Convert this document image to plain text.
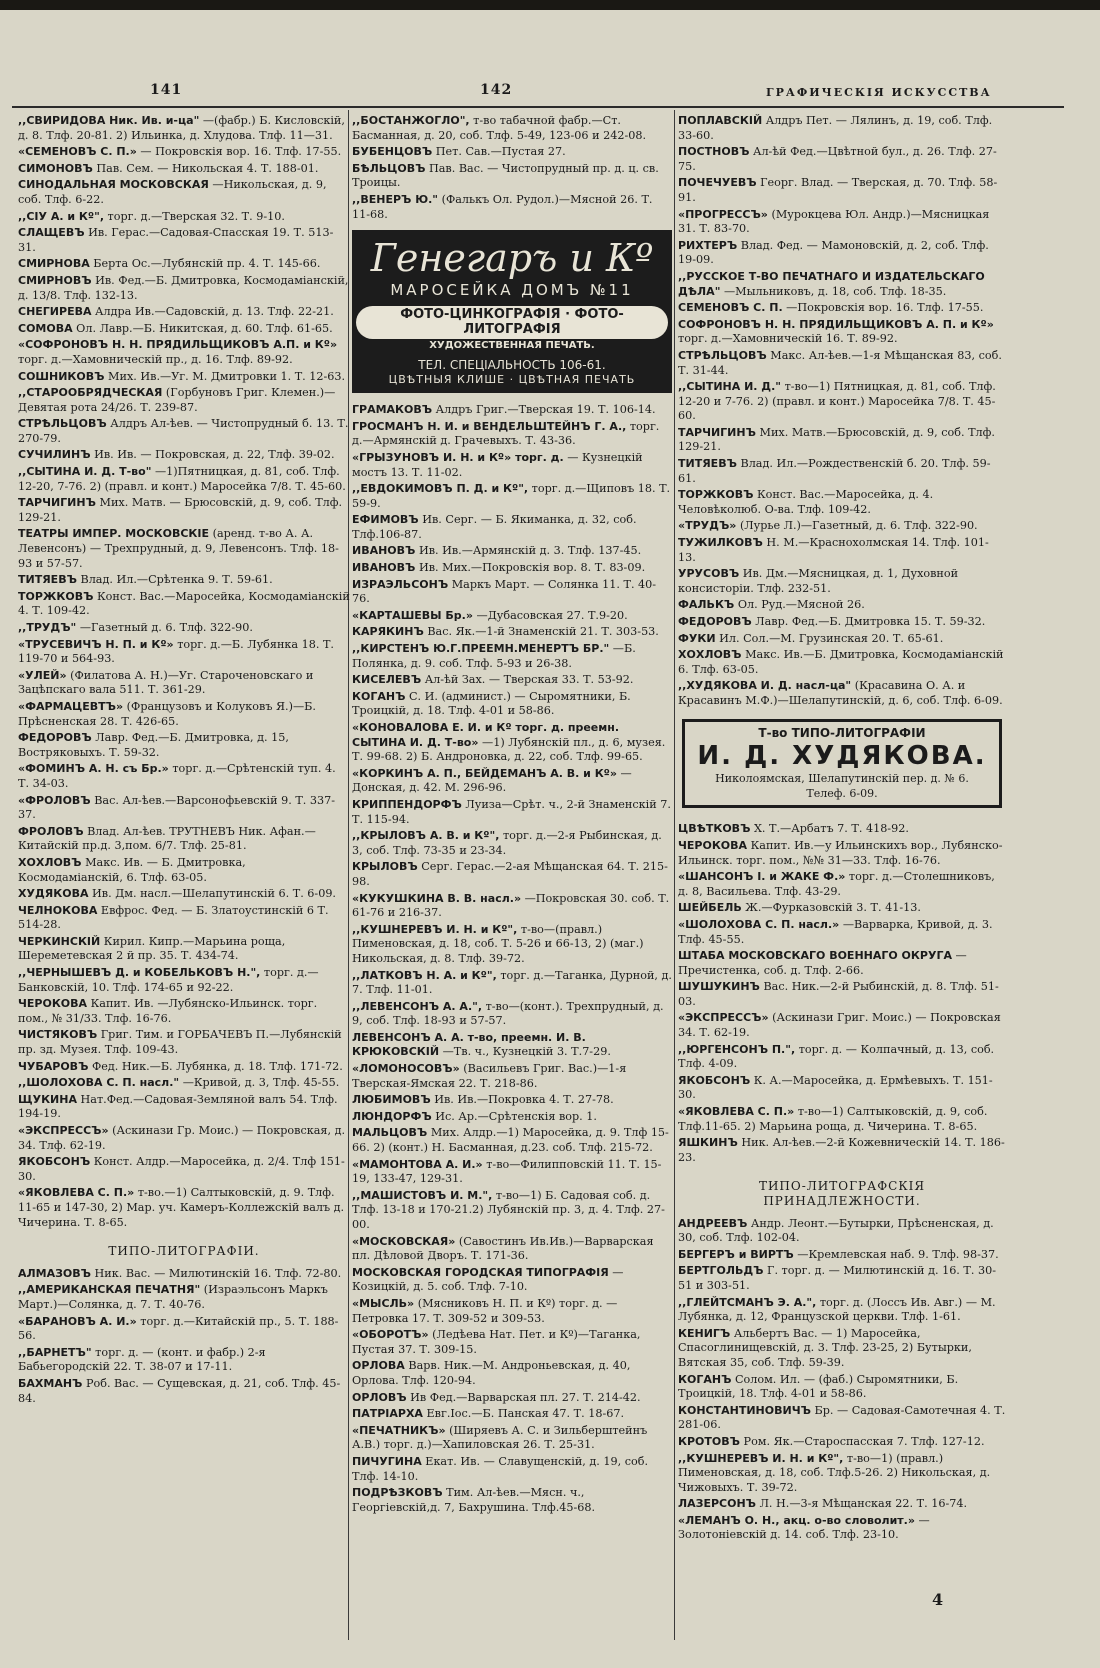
141	142	ГРАФИЧЕСКІЯ ИСКУССТВА
,,СВИРИДОВА Ник. Ив. и-ца" —(фабр.) Б. Кисловскій, д. 8. Тлф. 20-81. 2) Ильинка, д. Хлудова. Тлф. 11—31.
«СЕМЕНОВЪ С. П.» — Покровскія вор. 16. Тлф. 17-55.
СИМОНОВЪ Пав. Сем. — Никольская 4. Т. 188-01.
СИНОДАЛЬНАЯ МОСКОВСКАЯ —Никольская, д. 9, соб. Тлф. 6-22.
,,СІУ А. и Кº", торг. д.—Тверская 32. Т. 9-10.
СЛАЩЕВЪ Ив. Герас.—Садовая-Спасская 19. Т. 513-31.
СМИРНОВА Берта Ос.—Лубянскій пр. 4. Т. 145-66.
СМИРНОВЪ Ив. Фед.—Б. Дмитровка, Космодаміанскій, д. 13/8. Тлф. 132-13.
СНЕГИРЕВА Алдра Ив.—Садовскій, д. 13. Тлф. 22-21.
СОМОВА Ол. Лавр.—Б. Никитская, д. 60. Тлф. 61-65.
«СОФРОНОВЪ Н. Н. ПРЯДИЛЬЩИКОВЪ А.П. и Кº» торг. д.—Хамовническій пр., д. 16. Тлф. 89-92.
СОШНИКОВЪ Мих. Ив.—Уг. М. Дмитровки 1. Т. 12-63.
,,СТАРООБРЯДЧЕСКАЯ (Горбуновъ Григ. Клемен.)—Девятая рота 24/26. Т. 239-87.
СТРѢЛЬЦОВЪ Алдръ Ал-ѣев. — Чистопрудный б. 13. Т. 270-79.
СУЧИЛИНЪ Ив. Ив. — Покровская, д. 22, Тлф. 39-02.
,,СЫТИНА И. Д. Т-во" —1)Пятницкая, д. 81, соб. Тлф. 12-20, 7-76. 2) (правл. и конт.) Маросейка 7/8. Т. 45-60.
ТАРЧИГИНЪ Мих. Матв. — Брюсовскій, д. 9, соб. Тлф. 129-21.
ТЕАТРЫ ИМПЕР. МОСКОВСКІЕ (аренд. т-во А. А. Левенсонъ) — Трехпрудный, д. 9, Левенсонъ. Тлф. 18-93 и 57-57.
ТИТЯЕВЪ Влад. Ил.—Срѣтенка 9. Т. 59-61.
ТОРЖКОВЪ Конст. Вас.—Маросейка, Космодаміанскій 4. Т. 109-42.
,,ТРУДЪ" —Газетный д. 6. Тлф. 322-90.
«ТРУСЕВИЧЪ Н. П. и Кº» торг. д.—Б. Лубянка 18. Т. 119-70 и 564-93.
«УЛЕЙ» (Филатова А. Н.)—Уг. Староченовскаго и Зацѣпскаго вала 511. Т. 361-29.
«ФАРМАЦЕВТЪ» (Французовъ и Колуковъ Я.)—Б. Прѣсненская 28. Т. 426-65.
ФЕДОРОВЪ Лавр. Фед.—Б. Дмитровка, д. 15, Востряковыхъ. Т. 59-32.
«ФОМИНЪ А. Н. съ Бр.» торг. д.—Срѣтенскій туп. 4. Т. 34-03.
«ФРОЛОВЪ Вас. Ал-ѣев.—Варсонофьевскій 9. Т. 337-37.
ФРОЛОВЪ Влад. Ал-ѣев. ТРУТНЕВЪ Ник. Афан.—Китайскій пр.д. 3,пом. 6/7. Тлф. 25-81.
ХОХЛОВЪ Макс. Ив. — Б. Дмитровка, Космодаміанскій, 6. Тлф. 63-05.
ХУДЯКОВА Ив. Дм. насл.—Шелапутинскій 6. Т. 6-09.
ЧЕЛНОКОВА Евфрос. Фед. — Б. Златоустинскій 6 Т. 514-28.
ЧЕРКИНСКІЙ Кирил. Кипр.—Марьина роща, Шереметевская 2 й пр. 35. Т. 434-74.
,,ЧЕРНЫШЕВЪ Д. и КОБЕЛЬКОВЪ Н.", торг. д.—Банковскій, 10. Тлф. 174-65 и 92-22.
ЧЕРОКОВА Капит. Ив. —Лубянско-Ильинск. торг. пом., № 31/33. Тлф. 16-76.
ЧИСТЯКОВЪ Григ. Тим. и ГОРБАЧЕВЪ П.—Лубянскій пр. зд. Музея. Тлф. 109-43.
ЧУБАРОВЪ Фед. Ник.—Б. Лубянка, д. 18. Тлф. 171-72.
,,ШОЛОХОВА С. П. насл." —Кривой, д. 3, Тлф. 45-55.
ЩУКИНА Нат.Фед.—Садовая-Земляной валъ 54. Тлф. 194-19.
«ЭКСПРЕССЪ» (Аскинази Гр. Моис.) — Покровская, д. 34. Тлф. 62-19.
ЯКОБСОНЪ Конст. Алдр.—Маросейка, д. 2/4. Тлф 151-30.
«ЯКОВЛЕВА С. П.» т-во.—1) Салтыковскій, д. 9. Тлф. 11-65 и 147-30, 2) Мар. уч. Камеръ-Коллежскій валъ д. Чичерина. Т. 8-65.
ТИПО-ЛИТОГРАФІИ.
АЛМАЗОВЪ Ник. Вас. — Милютинскій 16. Тлф. 72-80.
,,АМЕРИКАНСКАЯ ПЕЧАТНЯ" (Израэльсонъ Маркъ Март.)—Солянка, д. 7. Т. 40-76.
«БАРАНОВЪ А. И.» торг. д.—Китайскій пр., 5. Т. 188-56.
,,БАРНЕТЪ" торг. д. — (конт. и фабр.) 2-я Бабьегородскій 22. Т. 38-07 и 17-11.
БАХМАНЪ Роб. Вас. — Сущевская, д. 21, соб. Тлф. 45-84.
,,БОСТАНЖОГЛО", т-во табачной фабр.—Ст. Басманная, д. 20, соб. Тлф. 5-49, 123-06 и 242-08.
БУБЕНЦОВЪ Пет. Сав.—Пустая 27.
БѢЛЬЦОВЪ Пав. Вас. — Чистопрудный пр. д. ц. св. Троицы.
,,ВЕНЕРЪ Ю." (Фалькъ Ол. Рудол.)—Мясной 26. Т. 11-68.
Генегаръ и Кº
МАРОСЕЙКА ДОМЪ №11
ФОТО-ЦИНКОГРАФІЯ · ФОТО-ЛИТОГРАФІЯ
ХУДОЖЕСТВЕННАЯ ПЕЧАТЬ.
ТЕЛ. СПЕЦІАЛЬНОСТЬ 106-61.
ЦВѢТНЫЯ КЛИШЕ · ЦВѢТНАЯ ПЕЧАТЬ
ГРАМАКОВЪ Алдръ Григ.—Тверская 19. Т. 106-14.
ГРОСМАНЪ Н. И. и ВЕНДЕЛЬШТЕЙНЪ Г. А., торг. д.—Армянскій д. Грачевыхъ. Т. 43-36.
«ГРЫЗУНОВЪ И. Н. и Кº» торг. д. — Кузнецкій мостъ 13. Т. 11-02.
,,ЕВДОКИМОВЪ П. Д. и Кº", торг. д.—Щиповъ 18. Т. 59-9.
ЕФИМОВЪ Ив. Серг. — Б. Якиманка, д. 32, соб. Тлф.106-87.
ИВАНОВЪ Ив. Ив.—Армянскій д. 3. Тлф. 137-45.
ИВАНОВЪ Ив. Мих.—Покровскія вор. 8. Т. 83-09.
ИЗРАЭЛЬСОНЪ Маркъ Март. — Солянка 11. Т. 40-76.
«КАРТАШЕВЫ Бр.» —Дубасовская 27. Т.9-20.
КАРЯКИНЪ Вас. Як.—1-й Знаменскій 21. Т. 303-53.
,,КИРСТЕНЪ Ю.Г.ПРЕЕМН.МЕНЕРТЪ БР." —Б. Полянка, д. 9. соб. Тлф. 5-93 и 26-38.
КИСЕЛЕВЪ Ал-ѣй Зах. — Тверская 33. Т. 53-92.
КОГАНЪ С. И. (админист.) — Сыромятники, Б. Троицкій, д. 18. Тлф. 4-01 и 58-86.
«КОНОВАЛОВА Е. И. и Кº торг. д. преемн. СЫТИНА И. Д. Т-во» —1) Лубянскій пл., д. 6, музея. Т. 99-68. 2) Б. Андроновка, д. 22, соб. Тлф. 99-65.
«КОРКИНЪ А. П., БЕЙДЕМАНЪ А. В. и Кº» —Донская, д. 42. М. 296-96.
КРИППЕНДОРФЪ Луиза—Срѣт. ч., 2-й Знаменскій 7. Т. 115-94.
,,КРЫЛОВЪ А. В. и Кº", торг. д.—2-я Рыбинская, д. 3, соб. Тлф. 73-35 и 23-34.
КРЫЛОВЪ Серг. Герас.—2-ая Мѣщанская 64. Т. 215-98.
«КУКУШКИНА В. В. насл.» —Покровская 30. соб. Т. 61-76 и 216-37.
,,КУШНЕРЕВЪ И. Н. и Кº", т-во—(правл.) Пименовская, д. 18, соб. Т. 5-26 и 66-13, 2) (маг.) Никольская, д. 8. Тлф. 39-72.
,,ЛАТКОВЪ Н. А. и Кº", торг. д.—Таганка, Дурной, д. 7. Тлф. 11-01.
,,ЛЕВЕНСОНЪ А. А.", т-во—(конт.). Трехпрудный, д. 9, соб. Тлф. 18-93 и 57-57.
ЛЕВЕНСОНЪ А. А. т-во, преемн. И. В. КРЮКОВСКІЙ —Тв. ч., Кузнецкій 3. Т.7-29.
«ЛОМОНОСОВЪ» (Васильевъ Григ. Вас.)—1-я Тверская-Ямская 22. Т. 218-86.
ЛЮБИМОВЪ Ив. Ив.—Покровка 4. Т. 27-78.
ЛЮНДОРФЪ Ис. Ар.—Срѣтенскія вор. 1.
МАЛЬЦОВЪ Мих. Алдр.—1) Маросейка, д. 9. Тлф 15-66. 2) (конт.) Н. Басманная, д.23. соб. Тлф. 215-72.
«МАМОНТОВА А. И.» т-во—Филипповскій 11. Т. 15-19, 133-47, 129-31.
,,МАШИСТОВЪ И. М.", т-во—1) Б. Садовая соб. д. Тлф. 13-18 и 170-21.2) Лубянскій пр. 3, д. 4. Тлф. 27-00.
«МОСКОВСКАЯ» (Савостинъ Ив.Ив.)—Варварская пл. Дѣловой Дворъ. Т. 171-36.
МОСКОВСКАЯ ГОРОДСКАЯ ТИПОГРАФІЯ —Козицкій, д. 5. соб. Тлф. 7-10.
«МЫСЛЬ» (Мясниковъ Н. П. и Кº) торг. д. —Петровка 17. Т. 309-52 и 309-53.
«ОБОРОТЪ» (Ледѣева Нат. Пет. и Кº)—Таганка, Пустая 37. Т. 309-15.
ОРЛОВА Варв. Ник.—М. Андроньевская, д. 40, Орлова. Тлф. 120-94.
ОРЛОВЪ Ив Фед.—Варварская пл. 27. Т. 214-42.
ПАТРІАРХА Евг.Іос.—Б. Панская 47. Т. 18-67.
«ПЕЧАТНИКЪ» (Ширяевъ А. С. и Зильберштейнъ А.В.) торг. д.)—Хапиловская 26. Т. 25-31.
ПИЧУГИНА Екат. Ив. — Славущенскій, д. 19, соб. Тлф. 14-10.
ПОДРѢЗКОВЪ Тим. Ал-ѣев.—Мясн. ч., Георгіевскій,д. 7, Бахрушина. Тлф.45-68.
ПОПЛАВСКІЙ Алдръ Пет. — Лялинъ, д. 19, соб. Тлф. 33-60.
ПОСТНОВЪ Ал-ѣй Фед.—Цвѣтной бул., д. 26. Тлф. 27-75.
ПОЧЕЧУЕВЪ Георг. Влад. — Тверская, д. 70. Тлф. 58-91.
«ПРОГРЕССЪ» (Мурокцева Юл. Андр.)—Мясницкая 31. Т. 83-70.
РИХТЕРЪ Влад. Фед. — Мамоновскій, д. 2, соб. Тлф. 19-09.
,,РУССКОЕ Т-ВО ПЕЧАТНАГО И ИЗДАТЕЛЬСКАГО ДѢЛА" —Мыльниковъ, д. 18, соб. Тлф. 18-35.
СЕМЕНОВЪ С. П. —Покровскія вор. 16. Тлф. 17-55.
СОФРОНОВЪ Н. Н. ПРЯДИЛЬЩИКОВЪ А. П. и Кº» торг. д.—Хамовническій 16. Т. 89-92.
СТРѢЛЬЦОВЪ Макс. Ал-ѣев.—1-я Мѣщанская 83, соб. Т. 31-44.
,,СЫТИНА И. Д." т-во—1) Пятницкая, д. 81, соб. Тлф. 12-20 и 7-76. 2) (правл. и конт.) Маросейка 7/8. Т. 45-60.
ТАРЧИГИНЪ Мих. Матв.—Брюсовскій, д. 9, соб. Тлф. 129-21.
ТИТЯЕВЪ Влад. Ил.—Рождественскій б. 20. Тлф. 59-61.
ТОРЖКОВЪ Конст. Вас.—Маросейка, д. 4. Человѣколюб. О-ва. Тлф. 109-42.
«ТРУДЪ» (Лурье Л.)—Газетный, д. 6. Тлф. 322-90.
ТУЖИЛКОВЪ Н. М.—Краснохолмская 14. Тлф. 101-13.
УРУСОВЪ Ив. Дм.—Мясницкая, д. 1, Духовной консисторіи. Тлф. 232-51.
ФАЛЬКЪ Ол. Руд.—Мясной 26.
ФЕДОРОВЪ Лавр. Фед.—Б. Дмитровка 15. Т. 59-32.
ФУКИ Ил. Сол.—М. Грузинская 20. Т. 65-61.
ХОХЛОВЪ Макс. Ив.—Б. Дмитровка, Космодаміанскій 6. Тлф. 63-05.
,,ХУДЯКОВА И. Д. насл-ца" (Красавина О. А. и Красавинъ М.Ф.)—Шелапутинскій, д. 6, соб. Тлф. 6-09.
Т-во ТИПО-ЛИТОГРАФІИ
И. Д. ХУДЯКОВА.
Николоямская, Шелапутинскій пер. д. № 6.
Телеф. 6-09.
ЦВѢТКОВЪ Х. Т.—Арбатъ 7. Т. 418-92.
ЧЕРОКОВА Капит. Ив.—у Ильинскихъ вор., Лубянско-Ильинск. торг. пом., №№ 31—33. Тлф. 16-76.
«ШАНСОНЪ І. и ЖАКЕ Ф.» торг. д.—Столешниковъ, д. 8, Васильева. Тлф. 43-29.
ШЕЙБЕЛЬ Ж.—Фурказовскій 3. Т. 41-13.
«ШОЛОХОВА С. П. насл.» —Варварка, Кривой, д. 3. Тлф. 45-55.
ШТАБА МОСКОВСКАГО ВОЕННАГО ОКРУГА —Пречистенка, соб. д. Тлф. 2-66.
ШУШУКИНЪ Вас. Ник.—2-й Рыбинскій, д. 8. Тлф. 51-03.
«ЭКСПРЕССЪ» (Аскинази Григ. Моис.) — Покровская 34. Т. 62-19.
,,ЮРГЕНСОНЪ П.", торг. д. — Колпачный, д. 13, соб. Тлф. 4-09.
ЯКОБСОНЪ К. А.—Маросейка, д. Ермѣевыхъ. Т. 151-30.
«ЯКОВЛЕВА С. П.» т-во—1) Салтыковскій, д. 9, соб. Тлф.11-65. 2) Марьина роща, д. Чичерина. Т. 8-65.
ЯШКИНЪ Ник. Ал-ѣев.—2-й Кожевническій 14. Т. 186-23.
ТИПО-ЛИТОГРАФСКІЯ ПРИНАДЛЕЖНОСТИ.
АНДРЕЕВЪ Андр. Леонт.—Бутырки, Прѣсненская, д. 30, соб. Тлф. 102-04.
БЕРГЕРЪ и ВИРТЪ —Кремлевская наб. 9. Тлф. 98-37.
БЕРТГОЛЬДЪ Г. торг. д. — Милютинскій д. 16. Т. 30-51 и 303-51.
,,ГЛЕЙТСМАНЪ Э. А.", торг. д. (Лоссъ Ив. Авг.) — М. Лубянка, д. 12, Французской церкви. Тлф. 1-61.
КЕНИГЪ Альбертъ Вас. — 1) Маросейка, Спасоглинищевскій, д. 3. Тлф. 23-25, 2) Бутырки, Вятская 35, соб. Тлф. 59-39.
КОГАНЪ Солом. Ил. — (фаб.) Сыромятники, Б. Троицкій, 18. Тлф. 4-01 и 58-86.
КОНСТАНТИНОВИЧЪ Бр. — Садовая-Самотечная 4. Т. 281-06.
КРОТОВЪ Ром. Як.—Староспасская 7. Тлф. 127-12.
,,КУШНЕРЕВЪ И. Н. и Кº", т-во—1) (правл.) Пименовская, д. 18, соб. Тлф.5-26. 2) Никольская, д. Чижовыхъ. Т. 39-72.
ЛАЗЕРСОНЪ Л. Н.—3-я Мѣщанская 22. Т. 16-74.
«ЛЕМАНЪ О. Н., акц. о-во словолит.» —Золотоніевскій д. 14. соб. Тлф. 23-10.
4
